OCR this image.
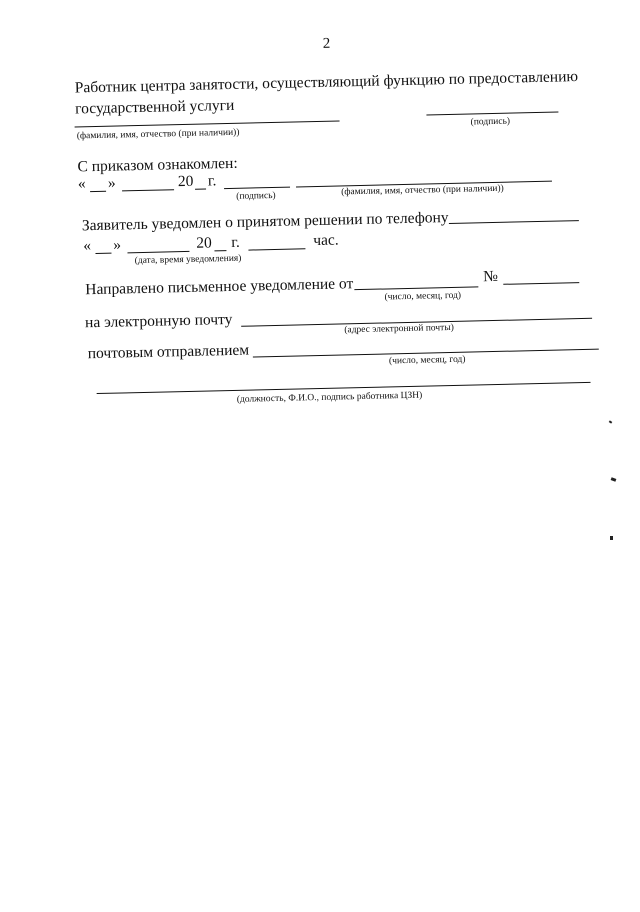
2
Работник центра занятости, осуществляющий функцию по предоставлению
государственной услуги
(фамилия, имя, отчество (при наличии))
(подпись)
С приказом ознакомлен:
« »	20 г.
(подпись)	(фамилия, имя, отчество (при наличии))
Заявитель уведомлен о принятом решении по телефону
« »	20 г.	час.
(дата, время уведомления)
Направлено письменное уведомление от	№
(число, месяц, год)
на электронную почту	(адрес электронной почты)
почтовым отправлением	(число, месяц, год)
(должность, Ф.И.О., подпись работника ЦЗН)
